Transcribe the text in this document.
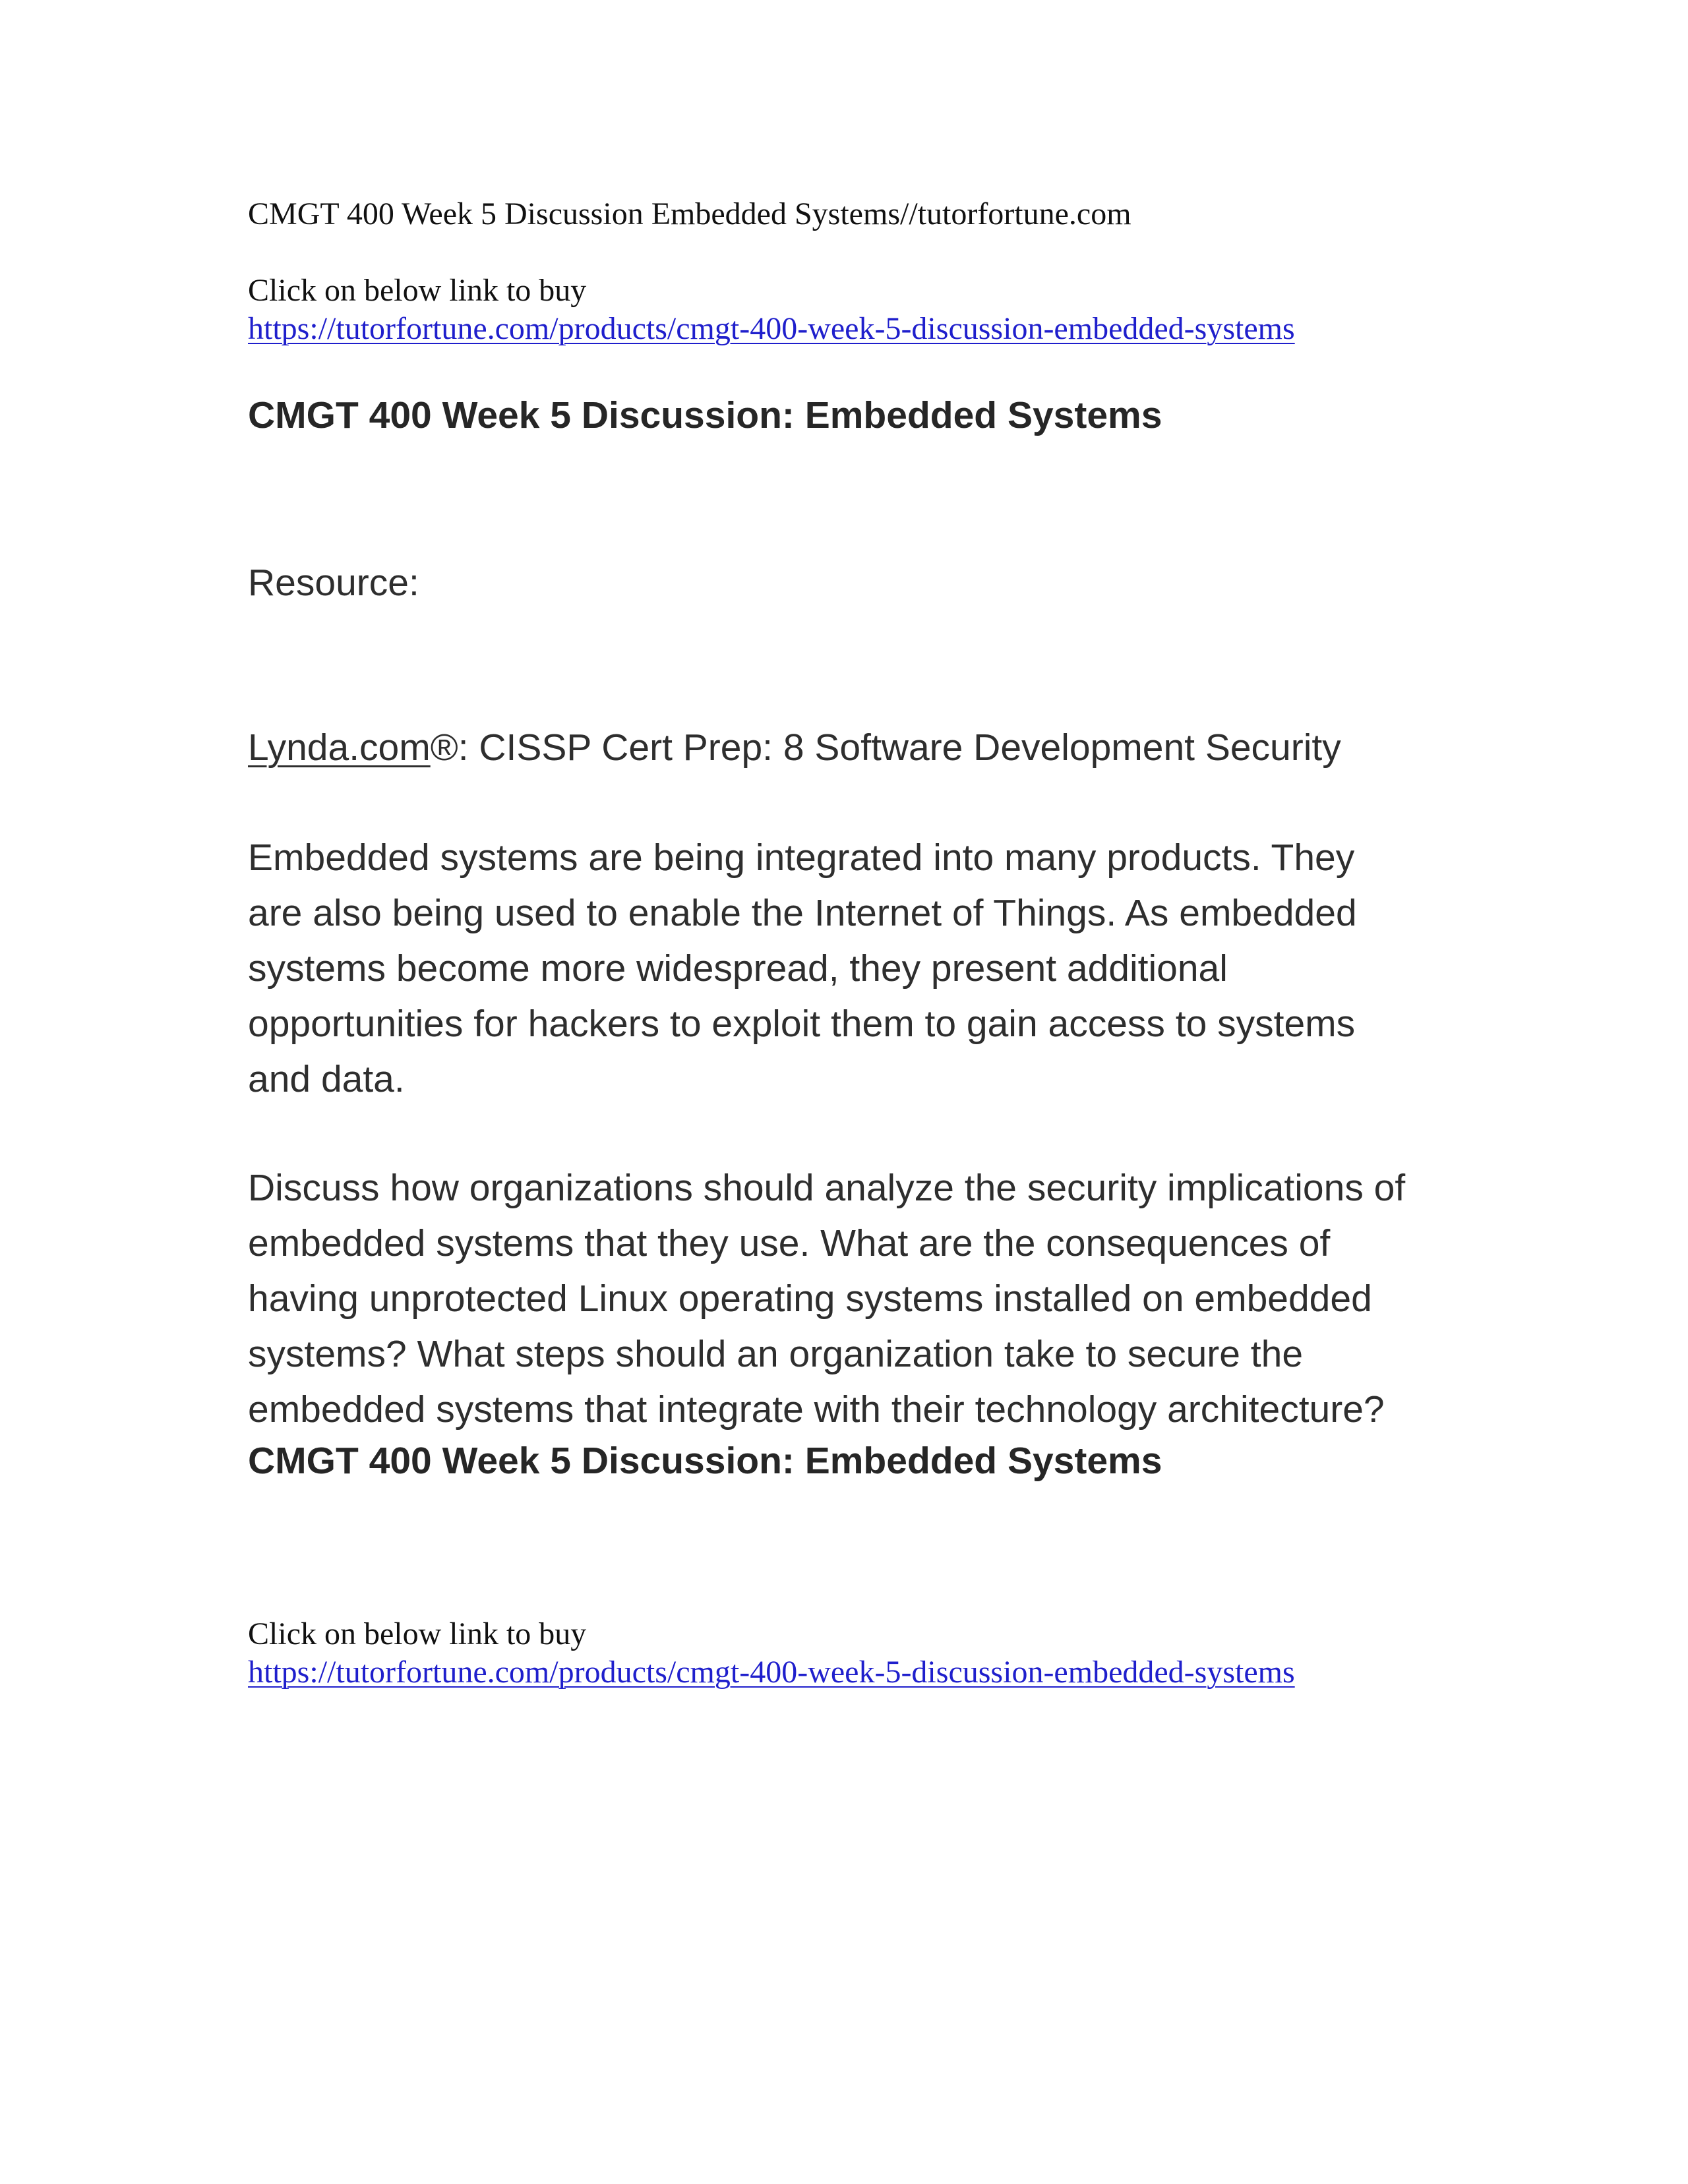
CMGT 400 Week 5 Discussion Embedded Systems//tutorfortune.com

Click on below link to buy

https://tutorfortune.com/products/cmgt-400-week-5-discussion-embedded-systems
CMGT 400 Week 5 Discussion: Embedded Systems

Resource:

Lynda.com®: CISSP Cert Prep: 8 Software Development Security

Embedded systems are being integrated into many products. They
are also being used to enable the Internet of Things. As embedded
systems become more widespread, they present additional
opportunities for hackers to exploit them to gain access to systems
and data.

Discuss how organizations should analyze the security implications of
embedded systems that they use. What are the consequences of
having unprotected Linux operating systems installed on embedded
systems? What steps should an organization take to secure the
embedded systems that integrate with their technology architecture?

CMGT 400 Week 5 Discussion: Embedded Systems

Click on below link to buy

https://tutorfortune.com/products/cmgt-400-week-5-discussion-embedded-systems
